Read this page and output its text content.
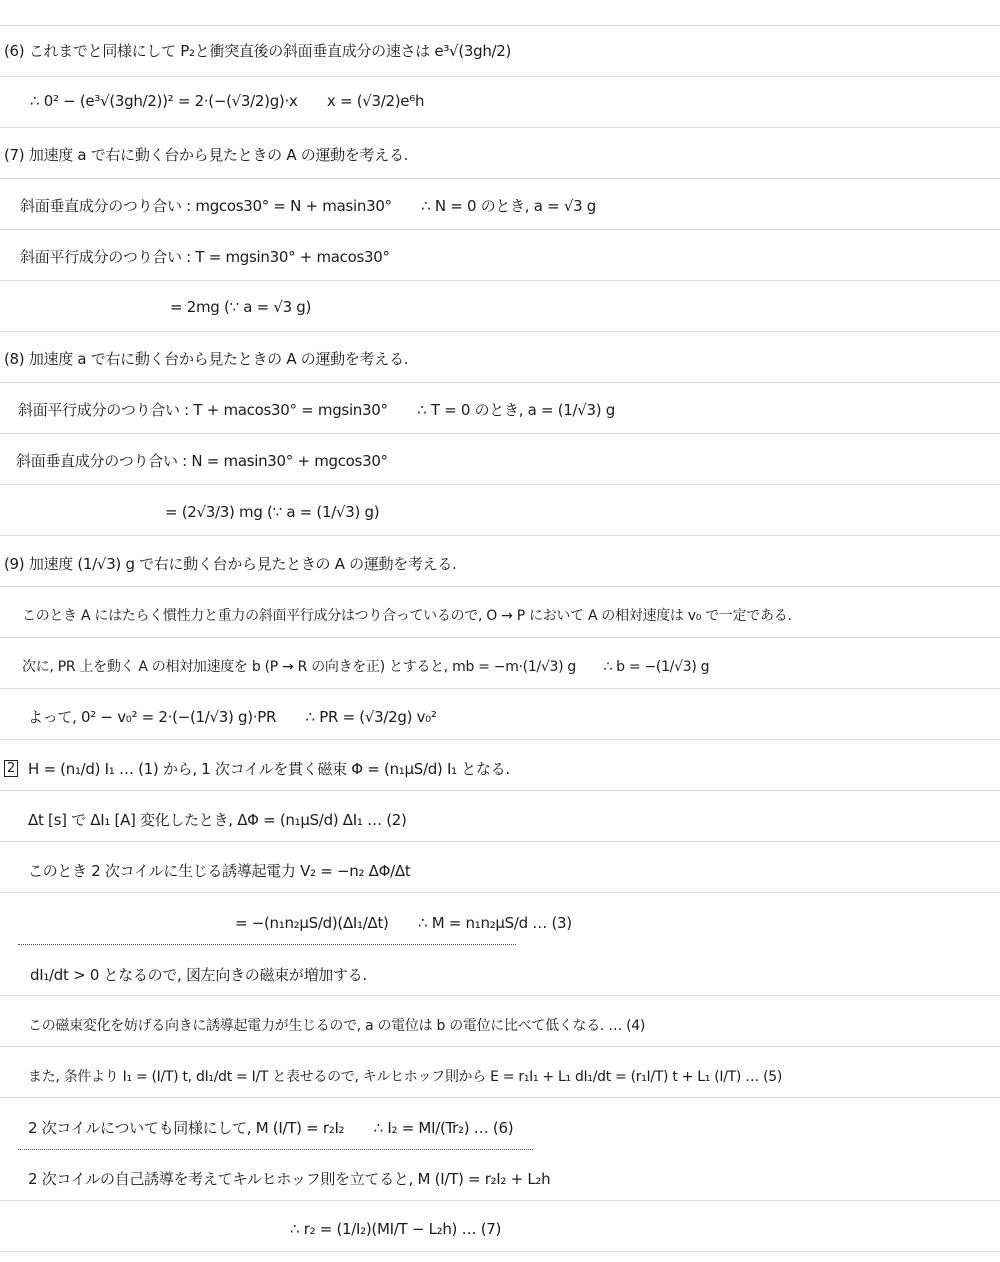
(6) これまでと同様にして P₂と衝突直後の斜面垂直成分の速さは e³√(3gh/2)
∴ 0² − (e³√(3gh/2))² = 2·(−(√3/2)g)·x　　x = (√3/2)e⁶h
(7) 加速度 a で右に動く台から見たときの A の運動を考える.
斜面垂直成分のつり合い : mgcos30° = N + masin30°　　∴ N = 0 のとき, a = √3 g
斜面平行成分のつり合い : T = mgsin30° + macos30°
= 2mg (∵ a = √3 g)
(8) 加速度 a で右に動く台から見たときの A の運動を考える.
斜面平行成分のつり合い : T + macos30° = mgsin30°　　∴ T = 0 のとき, a = (1/√3) g
斜面垂直成分のつり合い : N = masin30° + mgcos30°
= (2√3/3) mg (∵ a = (1/√3) g)
(9) 加速度 (1/√3) g で右に動く台から見たときの A の運動を考える.
このとき A にはたらく慣性力と重力の斜面平行成分はつり合っているので, O → P において A の相対速度は v₀ で一定である.
次に, PR 上を動く A の相対加速度を b (P → R の向きを正) とすると, mb = −m·(1/√3) g　　∴ b = −(1/√3) g
よって, 0² − v₀² = 2·(−(1/√3) g)·PR　　∴ PR = (√3/2g) v₀²
2 H = (n₁/d) I₁ … (1) から, 1 次コイルを貫く磁束 Φ = (n₁μS/d) I₁ となる.
Δt [s] で ΔI₁ [A] 変化したとき, ΔΦ = (n₁μS/d) ΔI₁ … (2)
このとき 2 次コイルに生じる誘導起電力 V₂ = −n₂ ΔΦ/Δt
= −(n₁n₂μS/d)(ΔI₁/Δt)　　∴ M = n₁n₂μS/d … (3)
dI₁/dt > 0 となるので, 図左向きの磁束が増加する.
この磁束変化を妨げる向きに誘導起電力が生じるので, a の電位は b の電位に比べて低くなる. … (4)
また, 条件より I₁ = (I/T) t, dI₁/dt = I/T と表せるので, キルヒホッフ則から E = r₁I₁ + L₁ dI₁/dt = (r₁I/T) t + L₁ (I/T) … (5)
2 次コイルについても同様にして, M (I/T) = r₂I₂　　∴ I₂ = MI/(Tr₂) … (6)
2 次コイルの自己誘導を考えてキルヒホッフ則を立てると, M (I/T) = r₂I₂ + L₂h
∴ r₂ = (1/I₂)(MI/T − L₂h) … (7)
